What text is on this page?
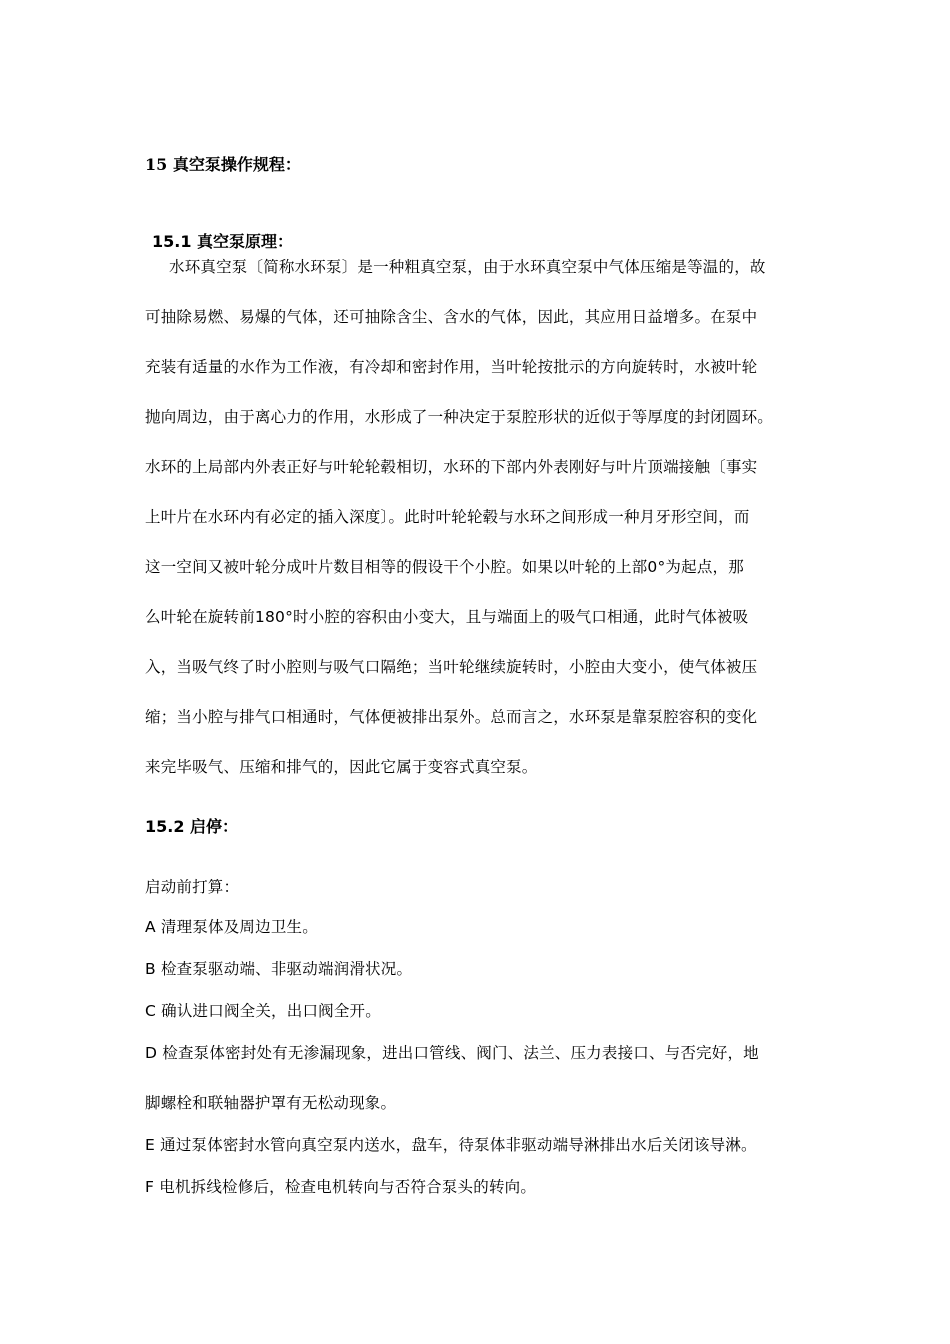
15 真空泵操作规程：
15.1 真空泵原理：

水环真空泵〔简称水环泵〕是一种粗真空泵，由于水环真空泵中气体压缩是等温的，故

可抽除易燃、易爆的气体，还可抽除含尘、含水的气体，因此，其应用日益增多。在泵中

充装有适量的水作为工作液，有冷却和密封作用，当叶轮按批示的方向旋转时，水被叶轮

抛向周边，由于离心力的作用，水形成了一种决定于泵腔形状的近似于等厚度的封闭圆环。

水环的上局部内外表正好与叶轮轮毂相切，水环的下部内外表刚好与叶片顶端接触〔事实

上叶片在水环内有必定的插入深度〕。此时叶轮轮毂与水环之间形成一种月牙形空间，而

这一空间又被叶轮分成叶片数目相等的假设干个小腔。如果以叶轮的上部0°为起点，那

么叶轮在旋转前180°时小腔的容积由小变大，且与端面上的吸气口相通，此时气体被吸

入，当吸气终了时小腔则与吸气口隔绝；当叶轮继续旋转时，小腔由大变小，使气体被压

缩；当小腔与排气口相通时，气体便被排出泵外。总而言之，水环泵是靠泵腔容积的变化

来完毕吸气、压缩和排气的，因此它属于变容式真空泵。

15.2 启停：

启动前打算：

A 清理泵体及周边卫生。

B 检查泵驱动端、非驱动端润滑状况。

C 确认进口阀全关，出口阀全开。

D 检查泵体密封处有无渗漏现象，进出口管线、阀门、法兰、压力表接口、与否完好，地

脚螺栓和联轴器护罩有无松动现象。

E 通过泵体密封水管向真空泵内送水，盘车，待泵体非驱动端导淋排出水后关闭该导淋。

F 电机拆线检修后，检查电机转向与否符合泵头的转向。
